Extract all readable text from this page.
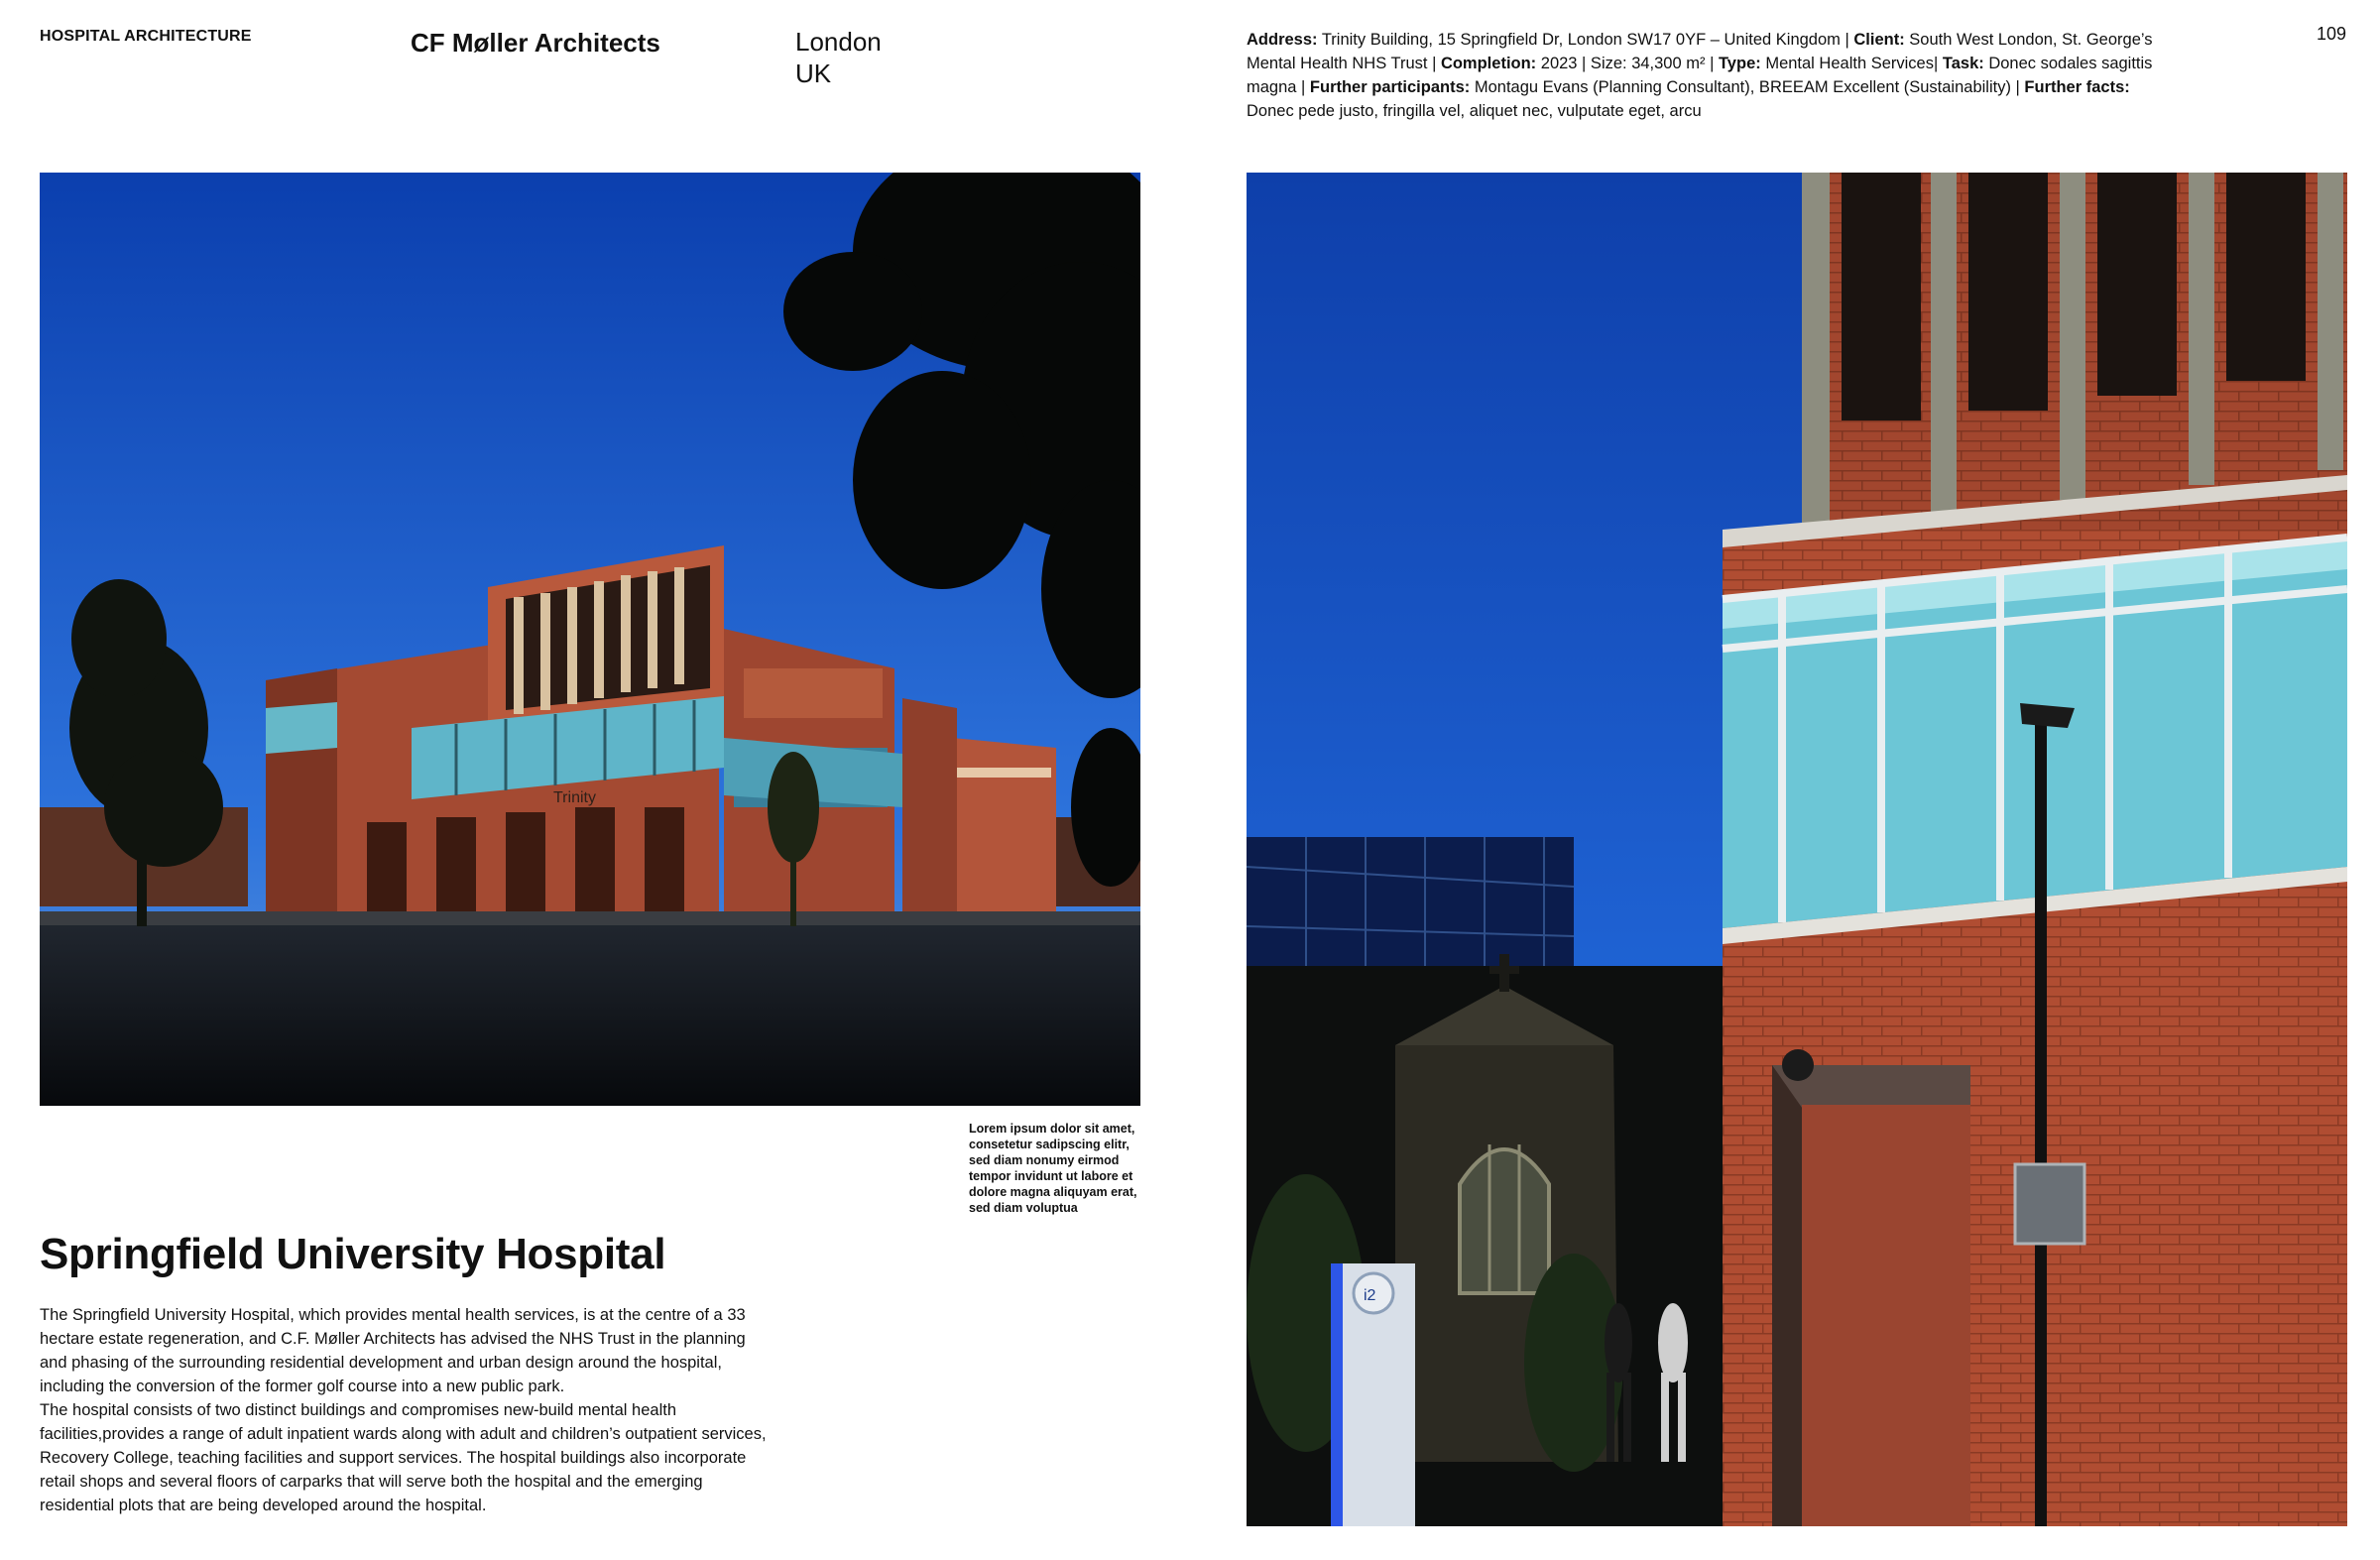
HOSPITAL ARCHITECTURE	CF Møller Architects	London
UK
109
Address: Trinity Building, 15 Springfield Dr, London SW17 0YF – United Kingdom | Client: South West London, St. George’s Mental Health NHS Trust | Completion: 2023 | Size: 34,300 m² | Type: Mental Health Services| Task: Donec sodales sagittis magna | Further participants: Montagu Evans (Planning Consultant), BREEAM Excellent (Sustainability) | Further facts: Donec pede justo, fringilla vel, aliquet nec, vulputate eget, arcu
Trinity
Lorem ipsum dolor sit amet, consetetur sadipscing elitr, sed diam nonumy eirmod tempor invidunt ut labore et dolore magna aliquyam erat, sed diam voluptua
Springfield University Hospital

The Springfield University Hospital, which provides mental health services, is at the centre of a 33 hectare estate regeneration, and C.F. Møller Architects has advised the NHS Trust in the planning and phasing of the surrounding residential development and urban design around the hospital, including the conversion of the former golf course into a new public park.

The hospital consists of two distinct buildings and compromises new-build mental health facilities,provides a range of adult inpatient wards along with adult and children’s outpatient services, Recovery College, teaching facilities and support services. The hospital buildings also incorporate retail shops and several floors of carparks that will serve both the hospital and the emerging residential plots that are being developed around the hospital.

i2
